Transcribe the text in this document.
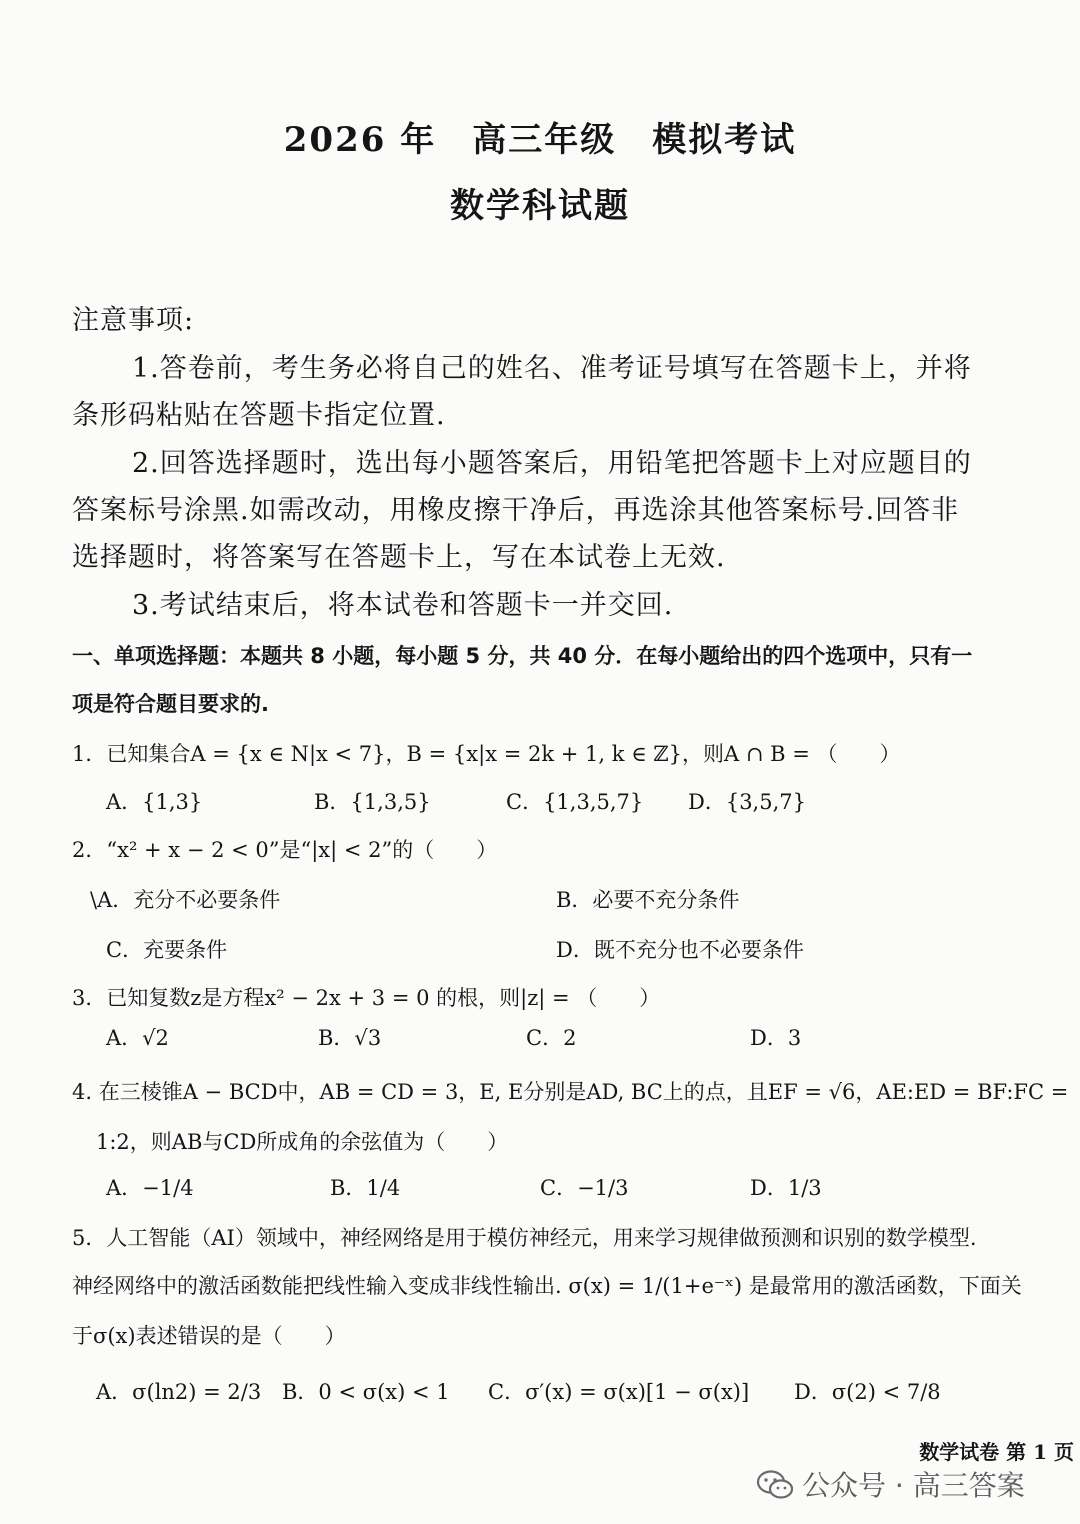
2026 年　高三年级　模拟考试
数学科试题
注意事项:
1.答卷前，考生务必将自己的姓名、准考证号填写在答题卡上，并将
条形码粘贴在答题卡指定位置.
2.回答选择题时，选出每小题答案后，用铅笔把答题卡上对应题目的
答案标号涂黑.如需改动，用橡皮擦干净后，再选涂其他答案标号.回答非
选择题时，将答案写在答题卡上，写在本试卷上无效.
3.考试结束后，将本试卷和答题卡一并交回.
一、单项选择题：本题共 8 小题，每小题 5 分，共 40 分．在每小题给出的四个选项中，只有一
项是符合题目要求的.
1．已知集合A = {x ∈ N|x < 7}，B = {x|x = 2k + 1, k ∈ ℤ}，则A ∩ B = （　　）
A．{1,3}	B．{1,3,5}	C．{1,3,5,7} D．{3,5,7}
2．“x² + x − 2 < 0”是“|x| < 2”的（　　）
\A．充分不必要条件	B．必要不充分条件
C．充要条件	D．既不充分也不必要条件
3．已知复数z是方程x² − 2x + 3 = 0 的根，则|z| = （　　）
A．√2	B．√3	C．2	D．3
4. 在三棱锥A − BCD中，AB = CD = 3，E, E分别是AD, BC上的点，且EF = √6，AE:ED = BF:FC =
1:2，则AB与CD所成角的余弦值为（　　）
A．−1/4	B．1/4	C．−1/3	D．1/3
5．人工智能（AI）领域中，神经网络是用于模仿神经元，用来学习规律做预测和识别的数学模型.
神经网络中的激活函数能把线性输入变成非线性输出. σ(x) = 1/(1+e⁻ˣ) 是最常用的激活函数，下面关
于σ(x)表述错误的是（　　）
A．σ(ln2) = 2/3 B．0 < σ(x) < 1 C．σ′(x) = σ(x)[1 − σ(x)] D．σ(2) < 7/8
数学试卷 第 1 页
公众号 · 高三答案
